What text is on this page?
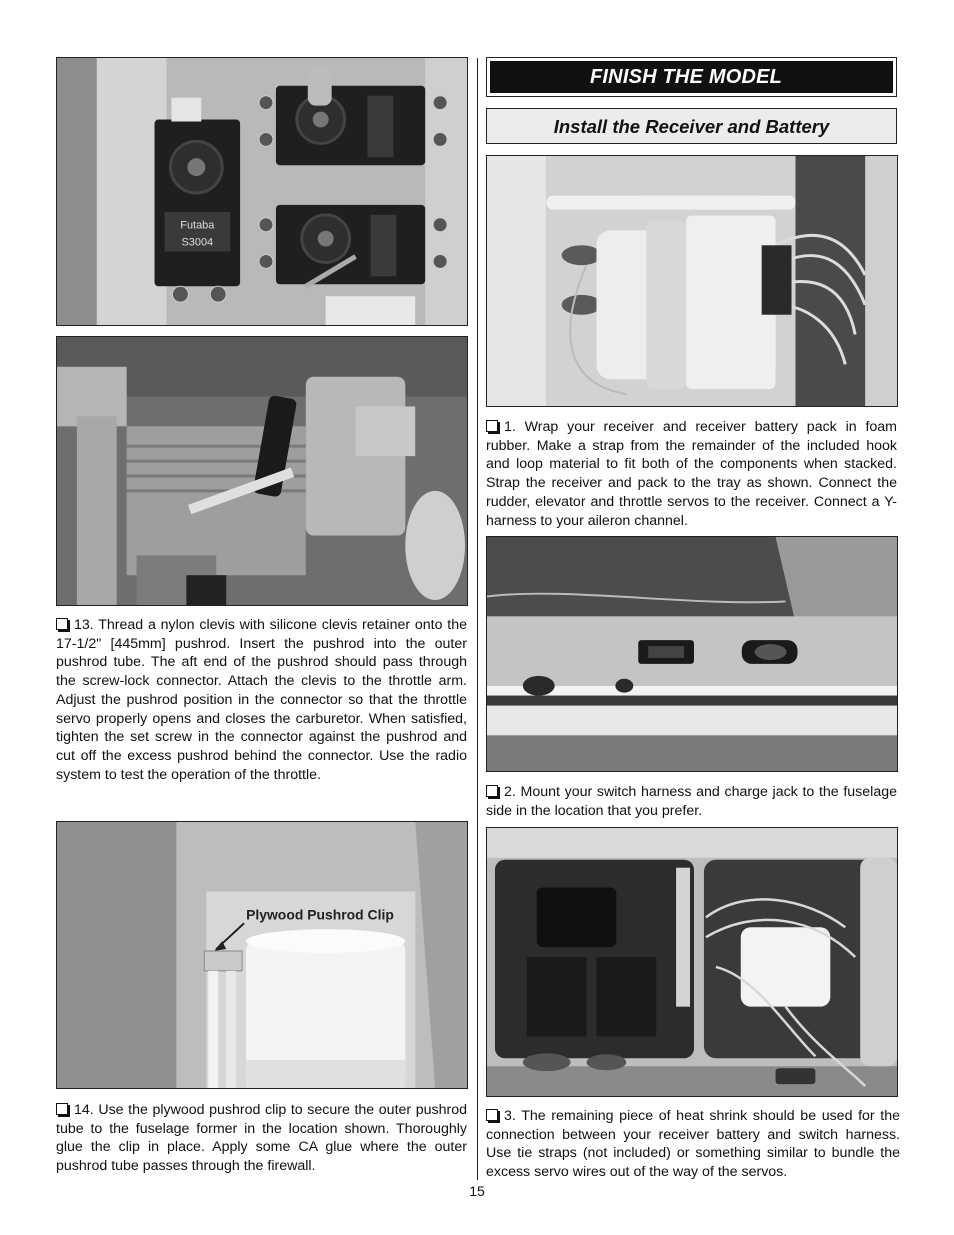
Futaba
S3004

13. Thread a nylon clevis with silicone clevis retainer onto the 17-1/2" [445mm] pushrod. Insert the pushrod into the outer pushrod tube. The aft end of the pushrod should pass through the screw-lock connector. Attach the clevis to the throttle arm. Adjust the pushrod position in the connector so that the throttle servo properly opens and closes the carburetor. When satisfied, tighten the set screw in the connector against the pushrod and cut off the excess pushrod behind the connector. Use the radio system to test the operation of the throttle.

Plywood Pushrod Clip

14. Use the plywood pushrod clip to secure the outer pushrod tube to the fuselage former in the location shown. Thoroughly glue the clip in place. Apply some CA glue where the outer pushrod tube passes through the firewall.

FINISH THE MODEL
Install the Receiver and Battery

1. Wrap your receiver and receiver battery pack in foam rubber. Make a strap from the remainder of the included hook and loop material to fit both of the components when stacked. Strap the receiver and pack to the tray as shown. Connect the rudder, elevator and throttle servos to the receiver. Connect a Y-harness to your aileron channel.

2. Mount your switch harness and charge jack to the fuselage side in the location that you prefer.

3. The remaining piece of heat shrink should be used for the connection between your receiver battery and switch harness. Use tie straps (not included) or something similar to bundle the excess servo wires out of the way of the servos.

15
